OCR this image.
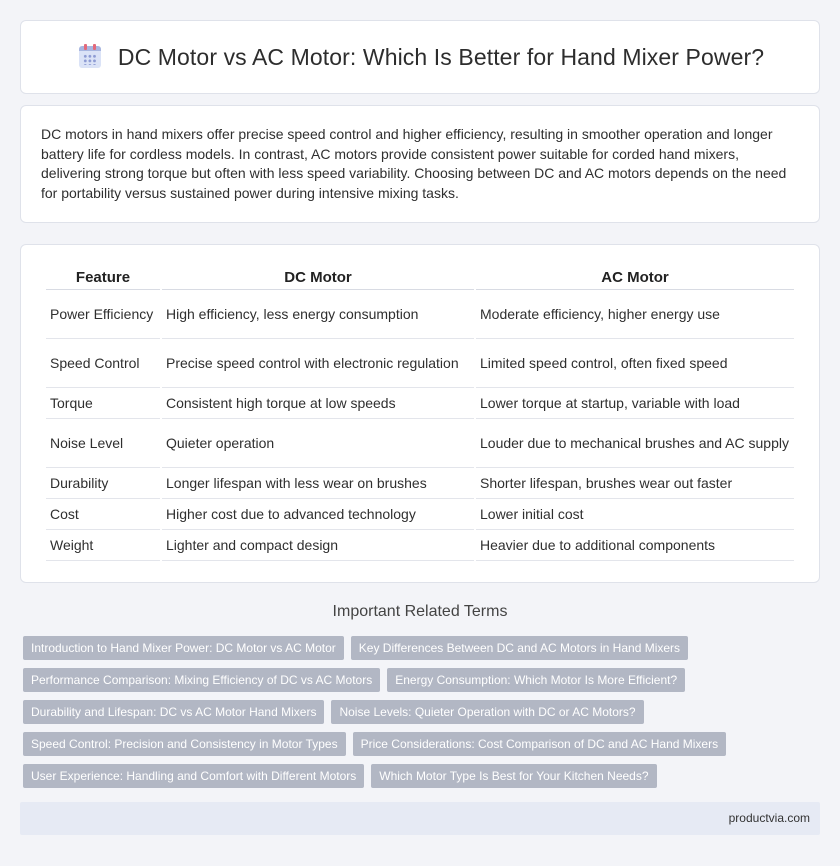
DC Motor vs AC Motor: Which Is Better for Hand Mixer Power?

DC motors in hand mixers offer precise speed control and higher efficiency, resulting in smoother operation and longer battery life for cordless models. In contrast, AC motors provide consistent power suitable for corded hand mixers, delivering strong torque but often with less speed variability. Choosing between DC and AC motors depends on the need for portability versus sustained power during intensive mixing tasks.

Feature	DC Motor	AC Motor
Power Efficiency	High efficiency, less energy consumption	Moderate efficiency, higher energy use
Speed Control	Precise speed control with electronic regulation	Limited speed control, often fixed speed
Torque	Consistent high torque at low speeds	Lower torque at startup, variable with load
Noise Level	Quieter operation	Louder due to mechanical brushes and AC supply
Durability	Longer lifespan with less wear on brushes	Shorter lifespan, brushes wear out faster
Cost	Higher cost due to advanced technology	Lower initial cost
Weight	Lighter and compact design	Heavier due to additional components
Important Related Terms
Introduction to Hand Mixer Power: DC Motor vs AC Motor	Key Differences Between DC and AC Motors in Hand Mixers
Performance Comparison: Mixing Efficiency of DC vs AC Motors	Energy Consumption: Which Motor Is More Efficient?
Durability and Lifespan: DC vs AC Motor Hand Mixers	Noise Levels: Quieter Operation with DC or AC Motors?
Speed Control: Precision and Consistency in Motor Types	Price Considerations: Cost Comparison of DC and AC Hand Mixers
User Experience: Handling and Comfort with Different Motors	Which Motor Type Is Best for Your Kitchen Needs?
productvia.com
